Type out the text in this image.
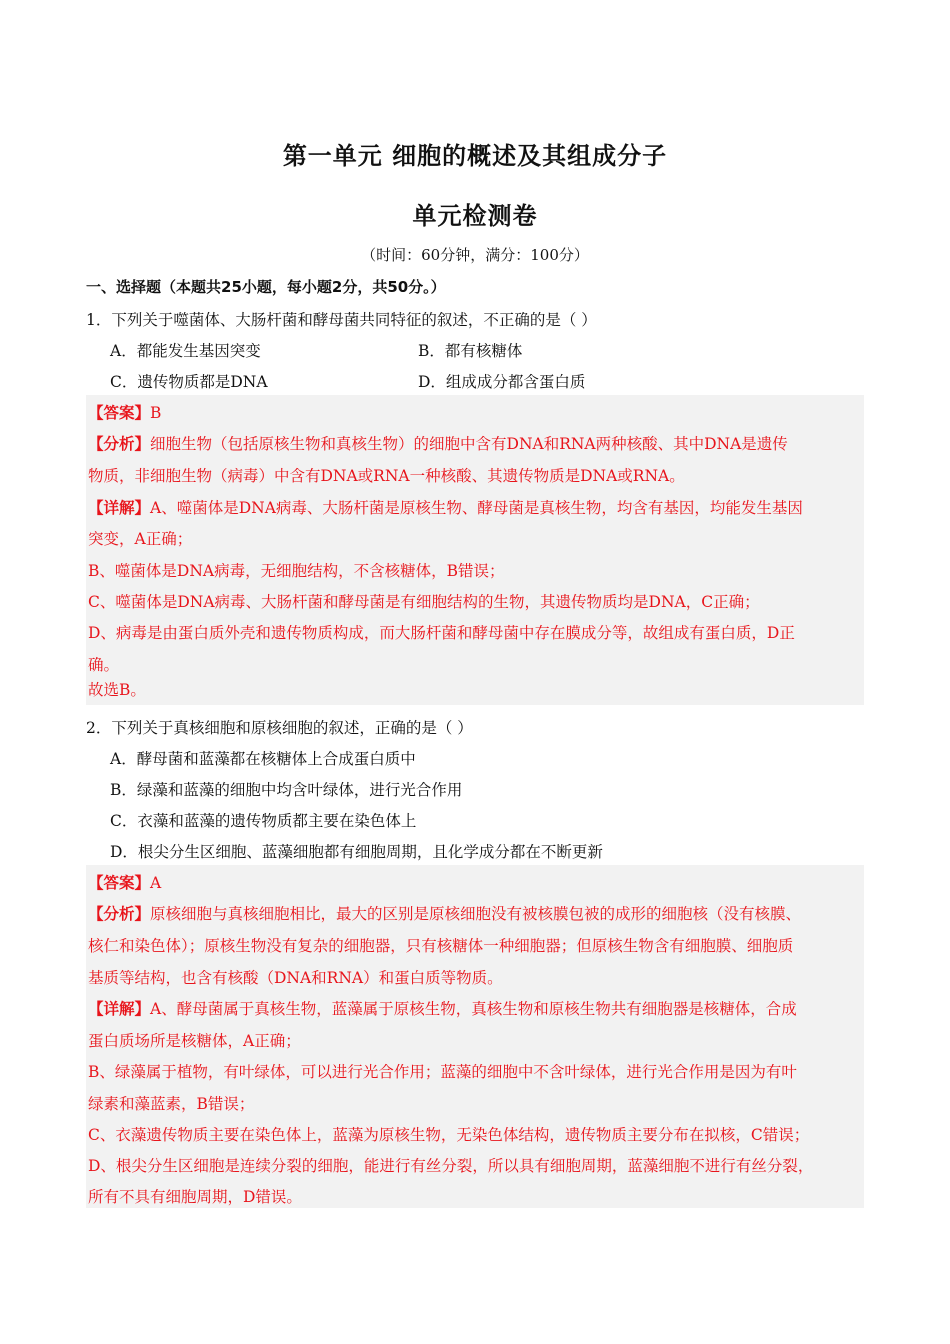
第一单元 细胞的概述及其组成分子
单元检测卷
（时间：60分钟，满分：100分）
一、选择题（本题共25小题，每小题2分，共50分。）
1．下列关于噬菌体、大肠杆菌和酵母菌共同特征的叙述，不正确的是（ ）
A．都能发生基因突变	B．都有核糖体
C．遗传物质都是DNA	D．组成成分都含蛋白质
【答案】B
【分析】细胞生物（包括原核生物和真核生物）的细胞中含有DNA和RNA两种核酸、其中DNA是遗传
物质，非细胞生物（病毒）中含有DNA或RNA一种核酸、其遗传物质是DNA或RNA。
【详解】A、噬菌体是DNA病毒、大肠杆菌是原核生物、酵母菌是真核生物，均含有基因，均能发生基因
突变，A正确；
B、噬菌体是DNA病毒，无细胞结构，不含核糖体，B错误；
C、噬菌体是DNA病毒、大肠杆菌和酵母菌是有细胞结构的生物，其遗传物质均是DNA，C正确；
D、病毒是由蛋白质外壳和遗传物质构成，而大肠杆菌和酵母菌中存在膜成分等，故组成有蛋白质，D正
确。
故选B。
2．下列关于真核细胞和原核细胞的叙述，正确的是（ ）
A．酵母菌和蓝藻都在核糖体上合成蛋白质中
B．绿藻和蓝藻的细胞中均含叶绿体，进行光合作用
C．衣藻和蓝藻的遗传物质都主要在染色体上
D．根尖分生区细胞、蓝藻细胞都有细胞周期，且化学成分都在不断更新
【答案】A
【分析】原核细胞与真核细胞相比，最大的区别是原核细胞没有被核膜包被的成形的细胞核（没有核膜、
核仁和染色体）；原核生物没有复杂的细胞器，只有核糖体一种细胞器；但原核生物含有细胞膜、细胞质
基质等结构，也含有核酸（DNA和RNA）和蛋白质等物质。
【详解】A、酵母菌属于真核生物，蓝藻属于原核生物，真核生物和原核生物共有细胞器是核糖体，合成
蛋白质场所是核糖体，A正确；
B、绿藻属于植物，有叶绿体，可以进行光合作用；蓝藻的细胞中不含叶绿体，进行光合作用是因为有叶
绿素和藻蓝素，B错误；
C、衣藻遗传物质主要在染色体上，蓝藻为原核生物，无染色体结构，遗传物质主要分布在拟核，C错误；
D、根尖分生区细胞是连续分裂的细胞，能进行有丝分裂，所以具有细胞周期，蓝藻细胞不进行有丝分裂，
所有不具有细胞周期，D错误。
